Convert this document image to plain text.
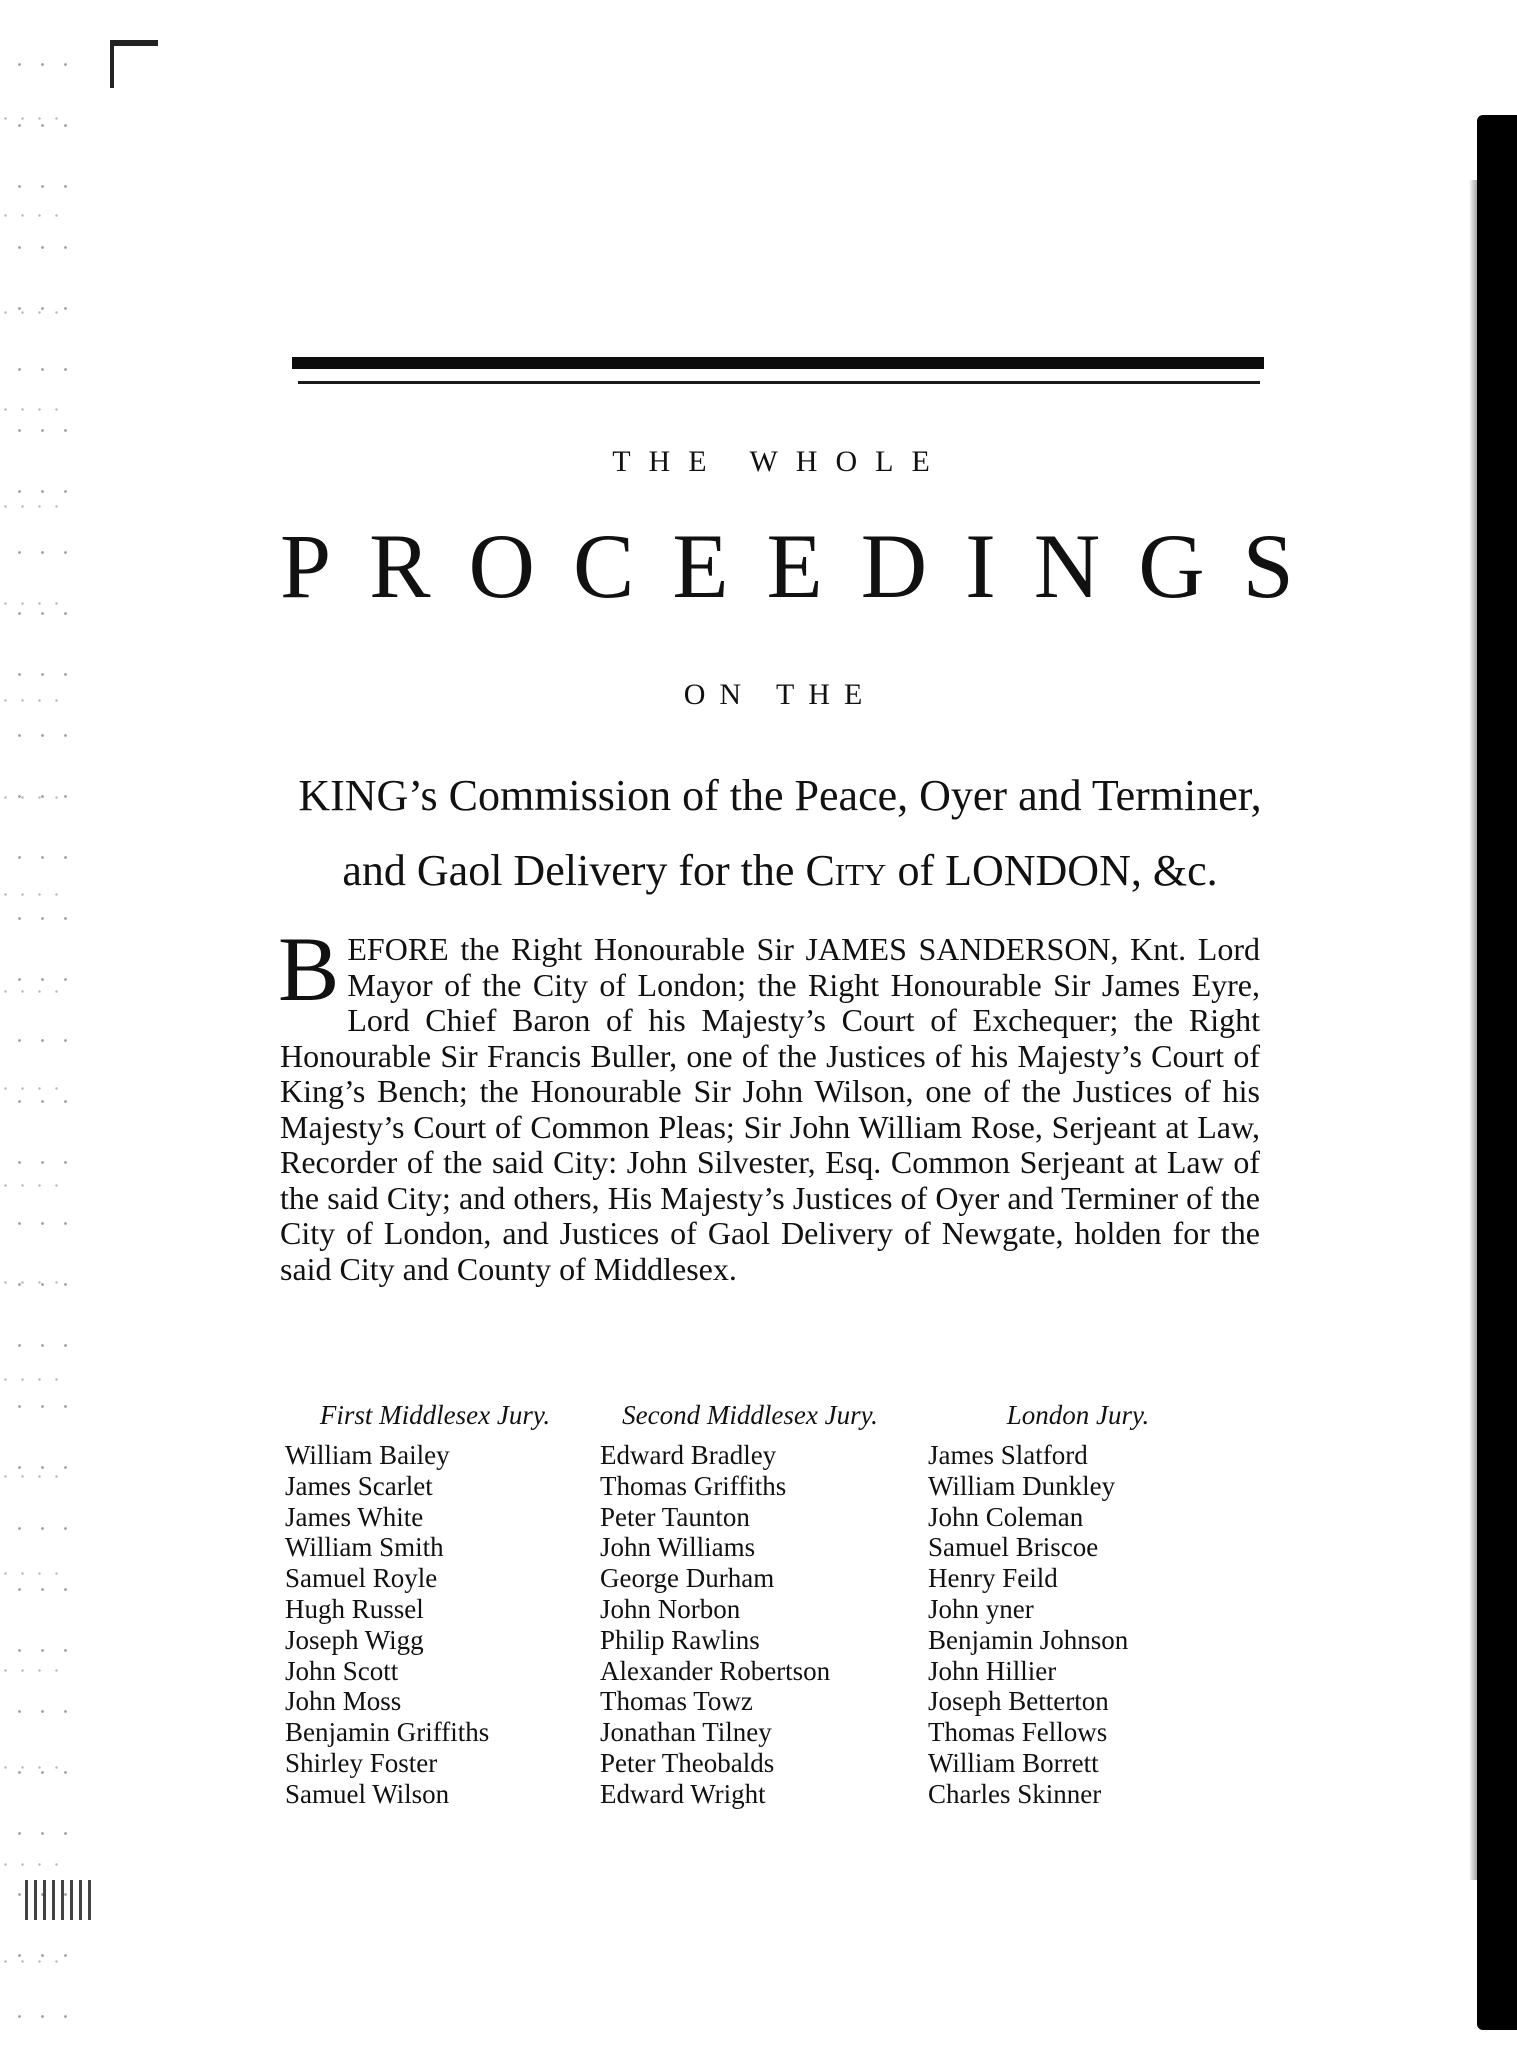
THE WHOLE
PROCEEDINGS
ON THE
KING’s Commission of the Peace, Oyer and Terminer,
and Gaol Delivery for the City of LONDON, &c.
BEFORE the Right Honourable Sir JAMES SANDERSON, Knt. Lord Mayor of the City of London; the Right Honourable Sir James Eyre, Lord Chief Baron of his Majesty’s Court of Exchequer; the Right Honourable Sir Francis Buller, one of the Justices of his Majesty’s Court of King’s Bench; the Honourable Sir John Wilson, one of the Justices of his Majesty’s Court of Common Pleas; Sir John William Rose, Serjeant at Law, Recorder of the said City: John Silvester, Esq. Common Serjeant at Law of the said City; and others, His Majesty’s Justices of Oyer and Terminer of the City of London, and Justices of Gaol Delivery of Newgate, holden for the said City and County of Middlesex.
First Middlesex Jury.
William Bailey
James Scarlet
James White
William Smith
Samuel Royle
Hugh Russel
Joseph Wigg
John Scott
John Moss
Benjamin Griffiths
Shirley Foster
Samuel Wilson
Second Middlesex Jury.
Edward Bradley
Thomas Griffiths
Peter Taunton
John Williams
George Durham
John Norbon
Philip Rawlins
Alexander Robertson
Thomas Towz
Jonathan Tilney
Peter Theobalds
Edward Wright
London Jury.
James Slatford
William Dunkley
John Coleman
Samuel Briscoe
Henry Feild
John yner
Benjamin Johnson
John Hillier
Joseph Betterton
Thomas Fellows
William Borrett
Charles Skinner
